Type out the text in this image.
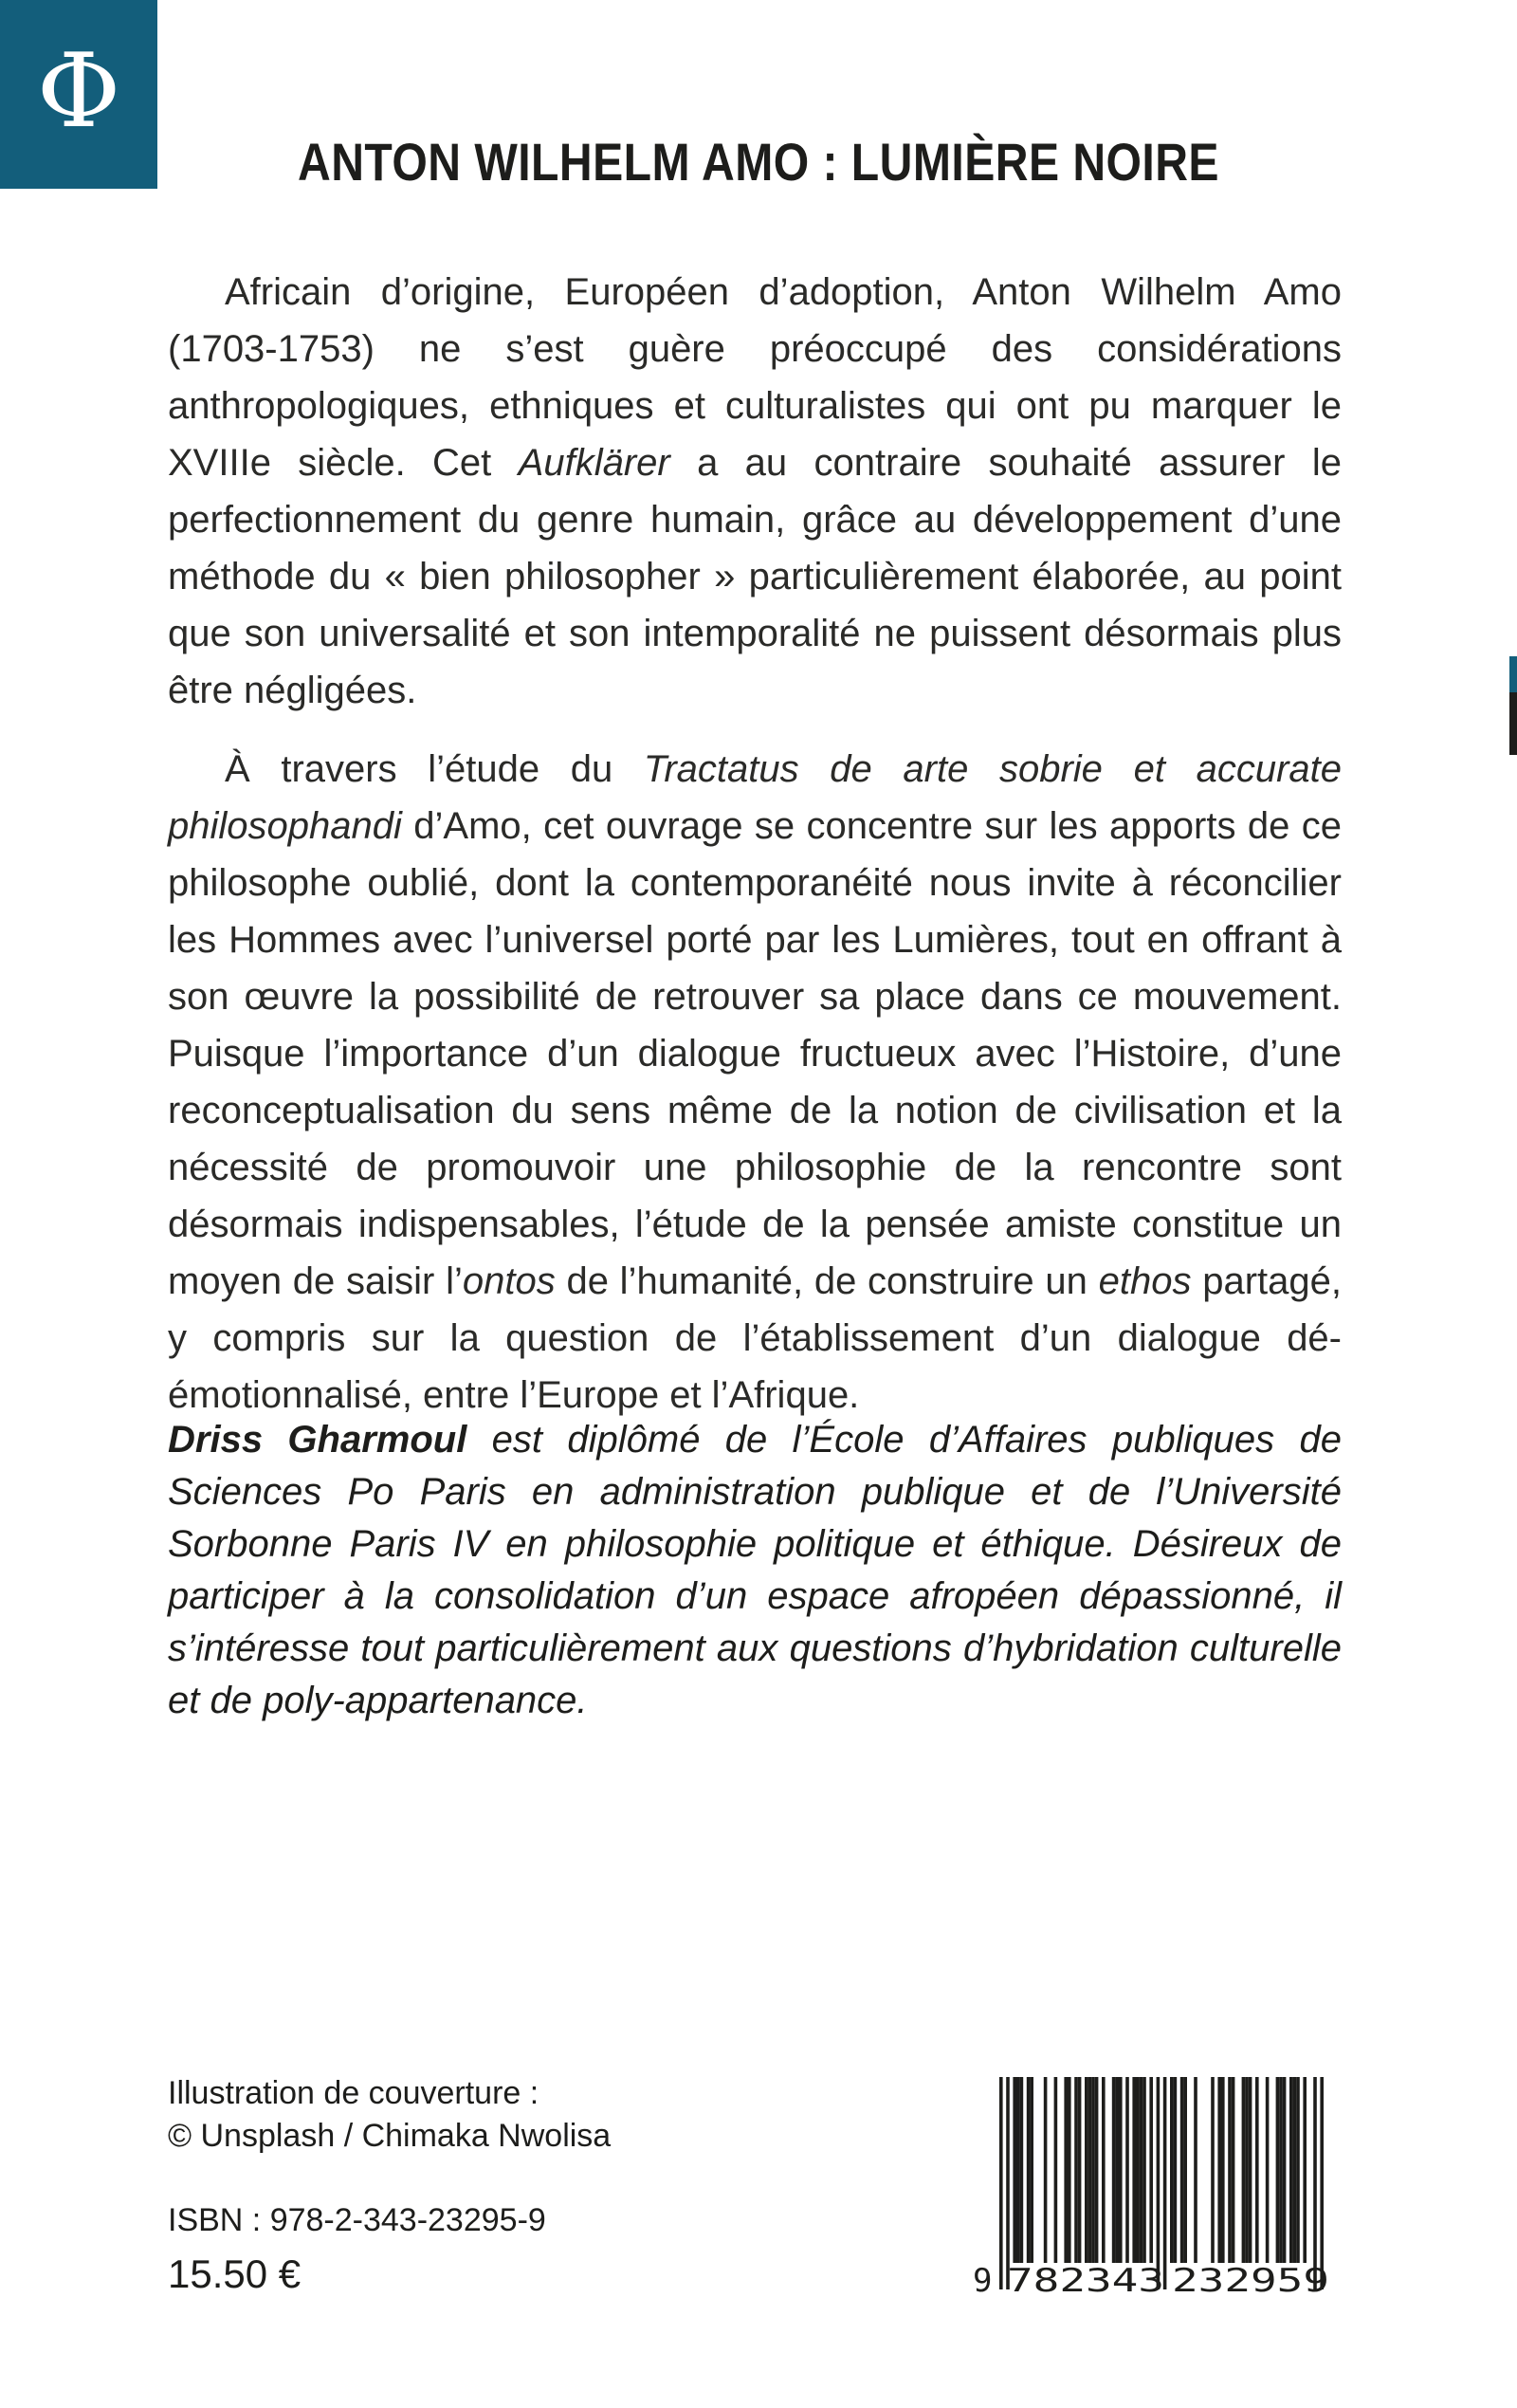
Φ
ANTON WILHELM AMO : LUMIÈRE NOIRE

Africain d’origine, Européen d’adoption, Anton Wilhelm Amo (1703-1753) ne s’est guère préoccupé des considérations anthropologiques, ethniques et culturalistes qui ont pu marquer le XVIIIe siècle. Cet Aufklärer a au contraire souhaité assurer le perfectionnement du genre humain, grâce au développement d’une méthode du « bien philosopher » particulièrement élaborée, au point que son universalité et son intemporalité ne puissent désormais plus être négligées.

À travers l’étude du Tractatus de arte sobrie et accurate philosophandi d’Amo, cet ouvrage se concentre sur les apports de ce philosophe oublié, dont la contemporanéité nous invite à réconcilier les Hommes avec l’universel porté par les Lumières, tout en offrant à son œuvre la possibilité de retrouver sa place dans ce mouvement. Puisque l’importance d’un dialogue fructueux avec l’Histoire, d’une reconceptualisation du sens même de la notion de civilisation et la nécessité de promouvoir une philosophie de la rencontre sont désormais indispensables, l’étude de la pensée amiste constitue un moyen de saisir l’ontos de l’humanité, de construire un ethos partagé, y compris sur la question de l’établissement d’un dialogue dé-émotionnalisé, entre l’Europe et l’Afrique.

Driss Gharmoul est diplômé de l’École d’Affaires publiques de Sciences Po Paris en administration publique et de l’Université Sorbonne Paris IV en philosophie politique et éthique. Désireux de participer à la consolidation d’un espace afropéen dépassionné, il s’intéresse tout particulièrement aux questions d’hybridation culturelle et de poly-appartenance.

Illustration de couverture :
© Unsplash / Chimaka Nwolisa
ISBN : 978-2-343-23295-9
15.50 €	9 782343 232959
